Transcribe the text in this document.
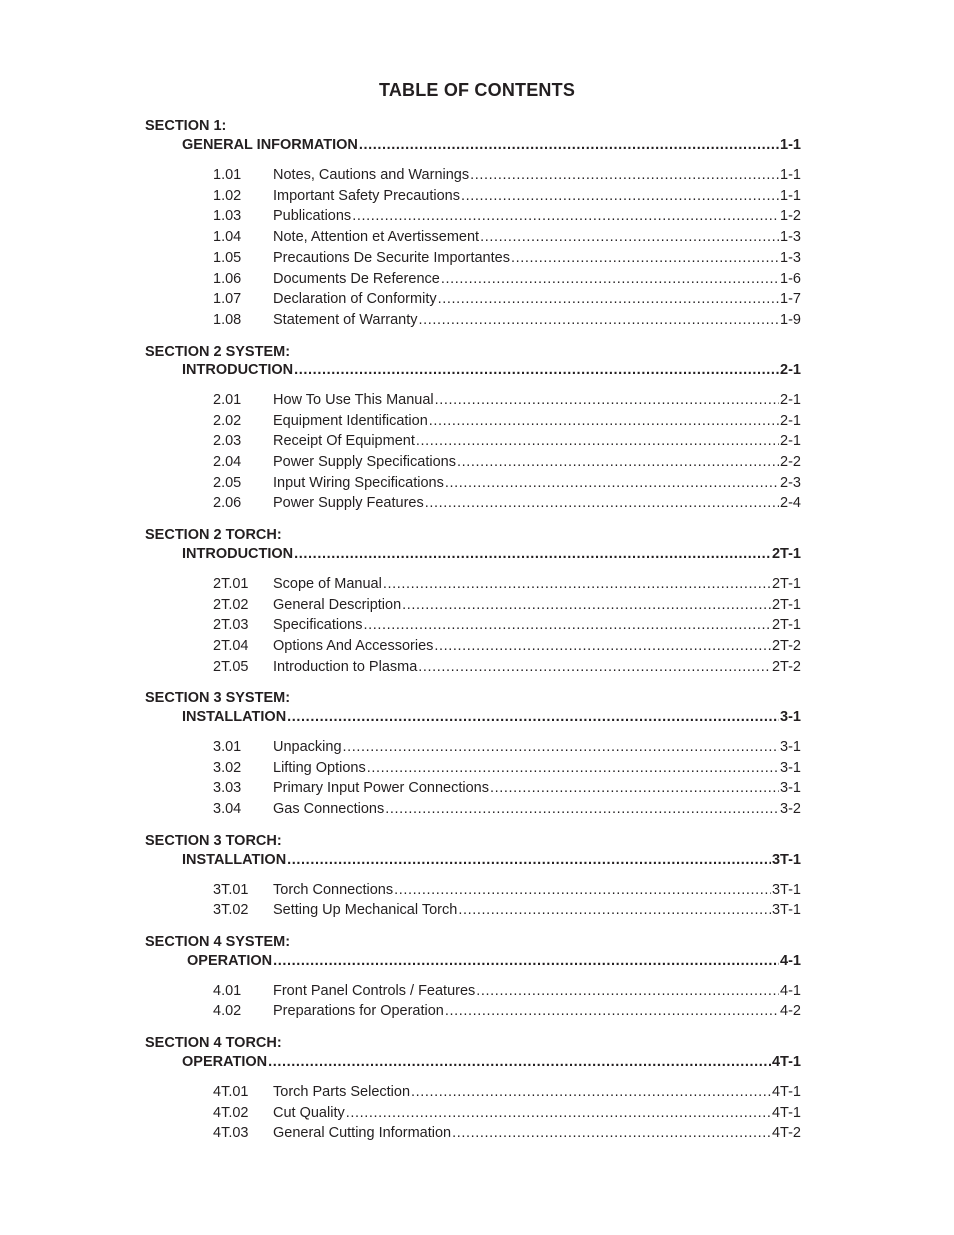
TABLE OF CONTENTS
SECTION 1:
GENERAL INFORMATION .....	1-1
1.01	Notes, Cautions and Warnings .....	1-1
1.02	Important Safety Precautions .....	1-1
1.03	Publications .....	1-2
1.04	Note, Attention et Avertissement .....	1-3
1.05	Precautions De Securite Importantes .....	1-3
1.06	Documents De Reference .....	1-6
1.07	Declaration of Conformity .....	1-7
1.08	Statement of Warranty .....	1-9
SECTION 2 SYSTEM:
INTRODUCTION .....	2-1
2.01	How To Use This Manual .....	2-1
2.02	Equipment Identification .....	2-1
2.03	Receipt Of Equipment .....	2-1
2.04	Power Supply Specifications .....	2-2
2.05	Input Wiring Specifications .....	2-3
2.06	Power Supply Features .....	2-4
SECTION 2 TORCH:
INTRODUCTION .....	2T-1
2T.01	Scope of Manual .....	2T-1
2T.02	General Description .....	2T-1
2T.03	Specifications .....	2T-1
2T.04	Options And Accessories .....	2T-2
2T.05	Introduction to Plasma .....	2T-2
SECTION 3 SYSTEM:
INSTALLATION .....	3-1
3.01	Unpacking .....	3-1
3.02	Lifting Options .....	3-1
3.03	Primary Input Power Connections .....	3-1
3.04	Gas Connections .....	3-2
SECTION 3 TORCH:
INSTALLATION .....	3T-1
3T.01	Torch Connections .....	3T-1
3T.02	Setting Up Mechanical Torch .....	3T-1
SECTION 4 SYSTEM:
OPERATION .....	4-1
4.01	Front Panel Controls / Features .....	4-1
4.02	Preparations for Operation .....	4-2
SECTION 4 TORCH:
OPERATION .....	4T-1
4T.01	Torch Parts Selection .....	4T-1
4T.02	Cut Quality .....	4T-1
4T.03	General Cutting Information .....	4T-2
